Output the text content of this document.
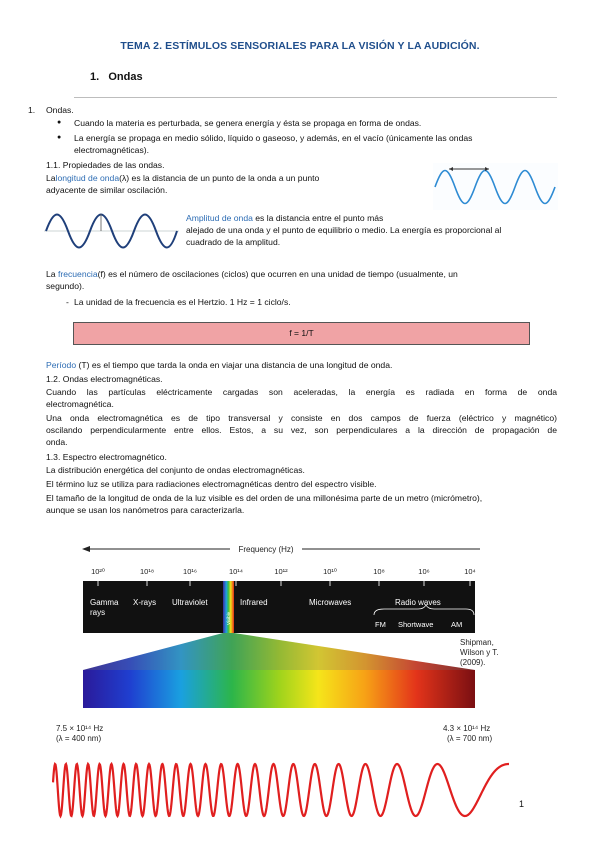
TEMA 2. ESTÍMULOS SENSORIALES PARA LA VISIÓN Y LA AUDICIÓN.
1. Ondas
1. Ondas.
● Cuando la materia es perturbada, se genera energía y ésta se propaga en forma de ondas.
● La energía se propaga en medio sólido, líquido o gaseoso, y además, en el vacío (únicamente las ondas
electromagnéticas).
1.1. Propiedades de las ondas.
La longitud de onda (λ) es la distancia de un punto de la onda a un punto
adyacente de similar oscilación.
Amplitud de onda es la distancia entre el punto más
alejado de una onda y el punto de equilibrio o medio. La energía es proporcional al
cuadrado de la amplitud.
La
frecuencia (f) es el número de oscilaciones (ciclos) que ocurren en una unidad de tiempo (usualmente, un
segundo).
- La unidad de la frecuencia es el Hertzio. 1 Hz = 1 ciclo/s.
f = 1/T
Período (T) es el tiempo que tarda la onda en viajar una distancia de una longitud de onda.
1.2. Ondas electromagnéticas.
Cuando las partículas eléctricamente cargadas son aceleradas, la energía es radiada en forma de onda
electromagnética.
Una onda electromagnética es de tipo transversal y consiste en dos campos de fuerza (eléctrico y magnético)
oscilando perpendicularmente entre ellos. Estos, a su vez, son perpendiculares a la dirección de propagación de
onda.
1.3. Espectro electromagnético.
La distribución energética del conjunto de ondas electromagnéticas.
El término luz se utiliza para radiaciones electromagnéticas dentro del espectro visible.
El tamaño de la longitud de onda de la luz visible es del orden de una millonésima parte de un metro (micrómetro),
aunque se usan los nanómetros para caracterizarla.
Frequency (Hz)
10²⁰	10¹⁸	10¹⁶	10¹⁴	10¹²	10¹⁰	10⁸	10⁶	10⁴
Visible
Gamma
rays
X-rays Ultraviolet	Infrared	Microwaves	Radio waves
FM Shortwave AM
Shipman,
Wilson y T.
(2009).
7.5 × 10¹⁴ Hz
(λ = 400 nm)
4.3 × 10¹⁴ Hz
(λ = 700 nm)
1
